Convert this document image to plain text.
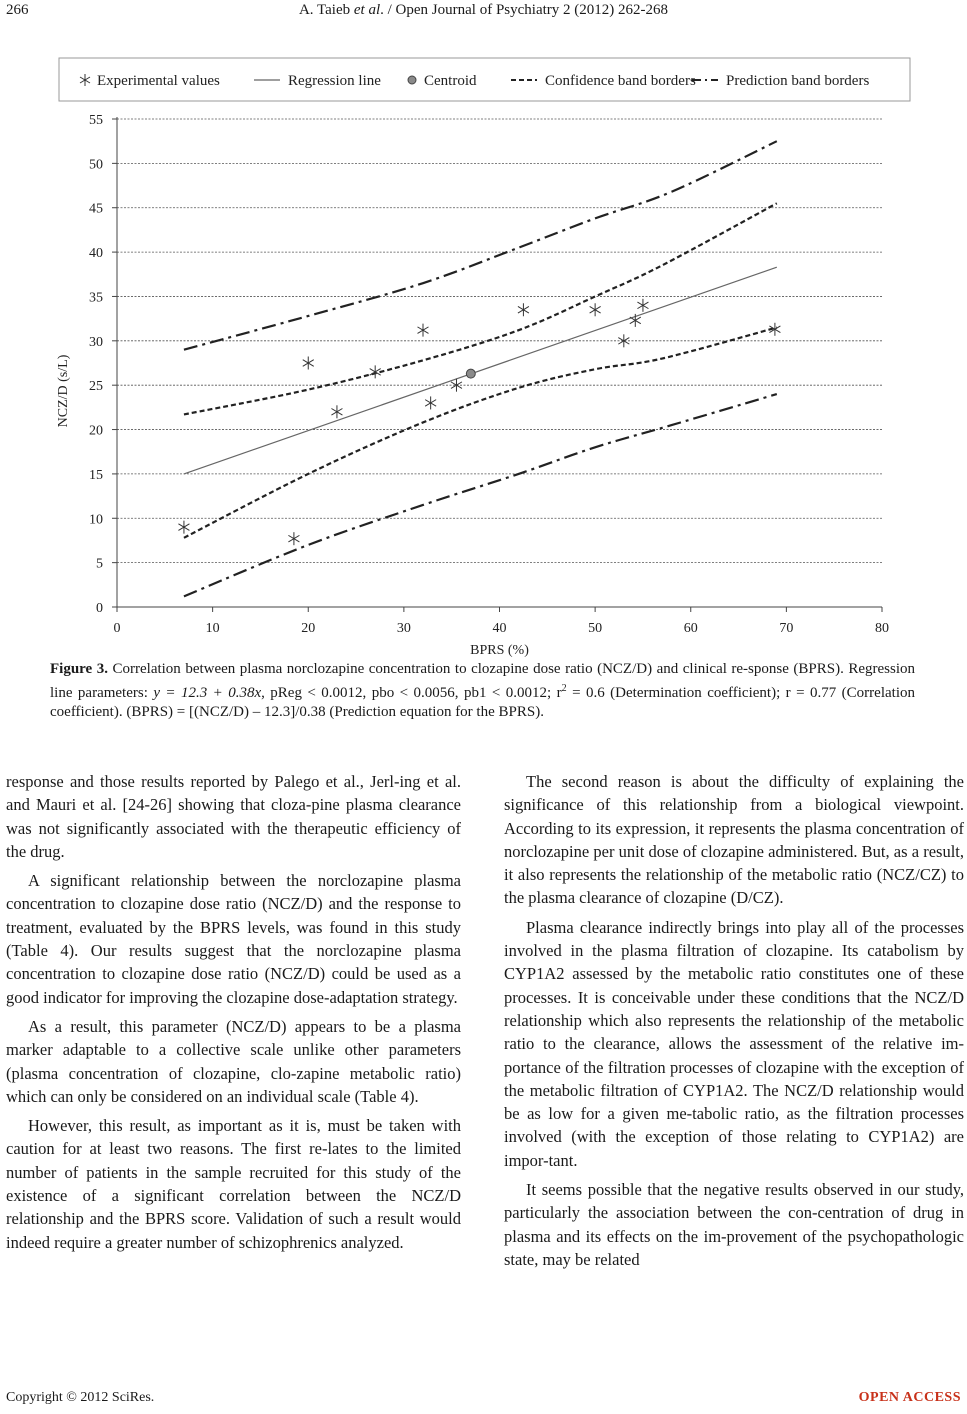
266	A. Taieb et al. / Open Journal of Psychiatry 2 (2012) 262-268
Experimental values	Regression line	Centroid	Confidence band borders Prediction band borders
0
5
10
15
20
25
30
35
40
45
50
55
0	10	20	30	40	50	60	70	80
BPRS (%)
NCZ/D (s/L)
Figure 3. Correlation between plasma norclozapine concentration to clozapine dose ratio (NCZ/D) and clinical re-sponse (BPRS). Regression line parameters: y = 12.3 + 0.38x, pReg < 0.0012, pbo < 0.0056, pb1 < 0.0012; $r^2 = 0.6$ (Determination coefficient); r = 0.77 (Correlation coefficient). (BPRS) = [(NCZ/D) – 12.3]/0.38 (Prediction equation for the BPRS).

response and those results reported by Palego et al., Jerl-ing et al. and Mauri et al. [24-26] showing that cloza-pine plasma clearance was not significantly associated with the therapeutic efficiency of the drug.

A significant relationship between the norclozapine plasma concentration to clozapine dose ratio (NCZ/D) and the response to treatment, evaluated by the BPRS levels, was found in this study (Table 4). Our results suggest that the norclozapine plasma concentration to clozapine dose ratio (NCZ/D) could be used as a good indicator for improving the clozapine dose-adaptation strategy.

As a result, this parameter (NCZ/D) appears to be a plasma marker adaptable to a collective scale unlike other parameters (plasma concentration of clozapine, clo-zapine metabolic ratio) which can only be considered on an individual scale (Table 4).

However, this result, as important as it is, must be taken with caution for at least two reasons. The first re-lates to the limited number of patients in the sample recruited for this study of the existence of a significant correlation between the NCZ/D relationship and the BPRS score. Validation of such a result would indeed require a greater number of schizophrenics analyzed.

The second reason is about the difficulty of explaining the significance of this relationship from a biological viewpoint. According to its expression, it represents the plasma concentration of norclozapine per unit dose of clozapine administered. But, as a result, it also represents the relationship of the metabolic ratio (NCZ/CZ) to the plasma clearance of clozapine (D/CZ).

Plasma clearance indirectly brings into play all of the processes involved in the plasma filtration of clozapine. Its catabolism by CYP1A2 assessed by the metabolic ratio constitutes one of these processes. It is conceivable under these conditions that the NCZ/D relationship which also represents the relationship of the metabolic ratio to the clearance, allows the assessment of the relative im-portance of the filtration processes of clozapine with the exception of the metabolic filtration of CYP1A2. The NCZ/D relationship would be as low for a given me-tabolic ratio, as the filtration processes involved (with the exception of those relating to CYP1A2) are impor-tant.

It seems possible that the negative results observed in our study, particularly the association between the con-centration of drug in plasma and its effects on the im-provement of the psychopathologic state, may be related

Copyright © 2012 SciRes.	OPEN ACCESS
